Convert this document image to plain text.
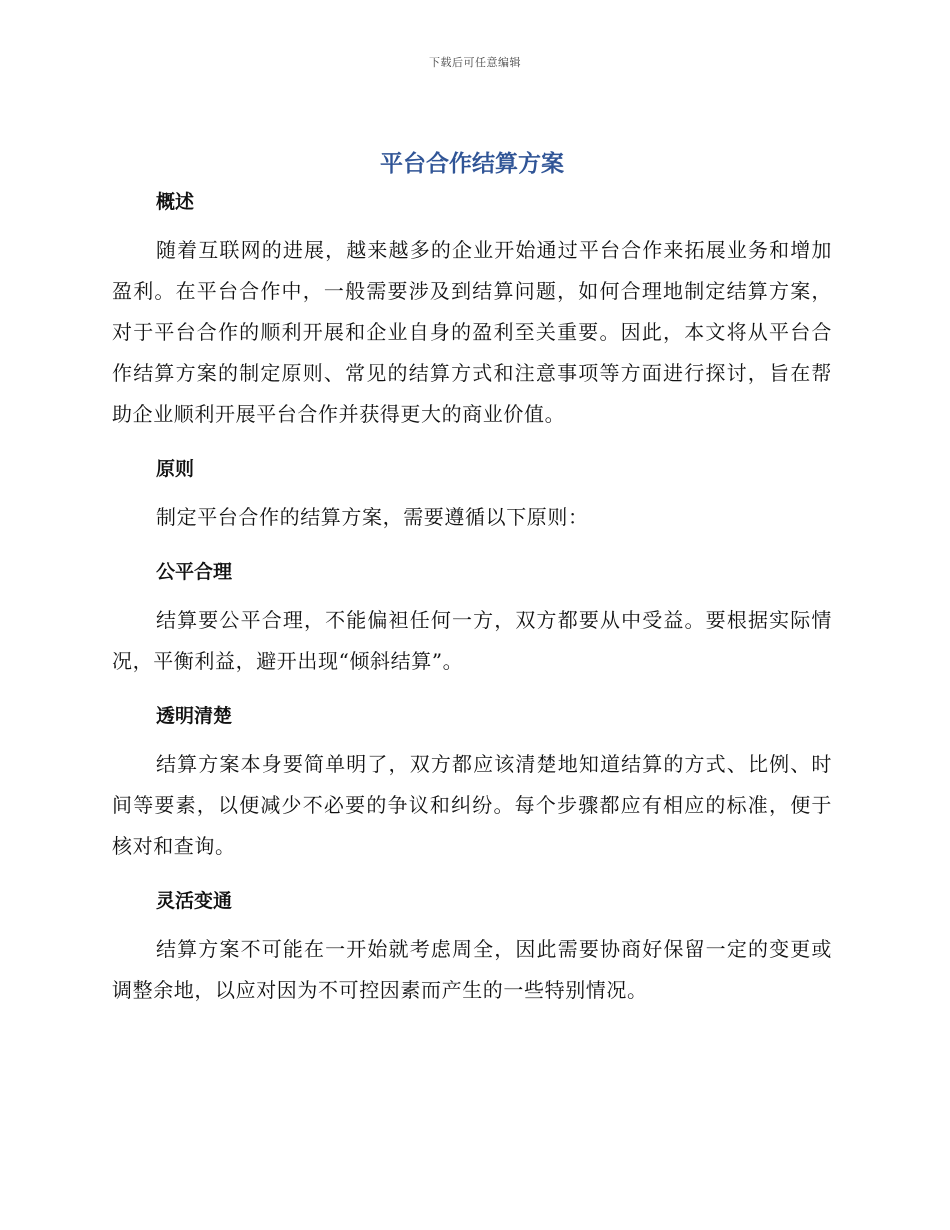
下载后可任意编辑
平台合作结算方案
概述

随着互联网的进展，越来越多的企业开始通过平台合作来拓展业务和增加盈利。在平台合作中，一般需要涉及到结算问题，如何合理地制定结算方案，对于平台合作的顺利开展和企业自身的盈利至关重要。因此，本文将从平台合作结算方案的制定原则、常见的结算方式和注意事项等方面进行探讨，旨在帮助企业顺利开展平台合作并获得更大的商业价值。

原则

制定平台合作的结算方案，需要遵循以下原则：

公平合理

结算要公平合理，不能偏袒任何一方，双方都要从中受益。要根据实际情况，平衡利益，避开出现“倾斜结算”。

透明清楚

结算方案本身要简单明了，双方都应该清楚地知道结算的方式、比例、时间等要素，以便减少不必要的争议和纠纷。每个步骤都应有相应的标准，便于核对和查询。

灵活变通

结算方案不可能在一开始就考虑周全，因此需要协商好保留一定的变更或调整余地，以应对因为不可控因素而产生的一些特别情况。
